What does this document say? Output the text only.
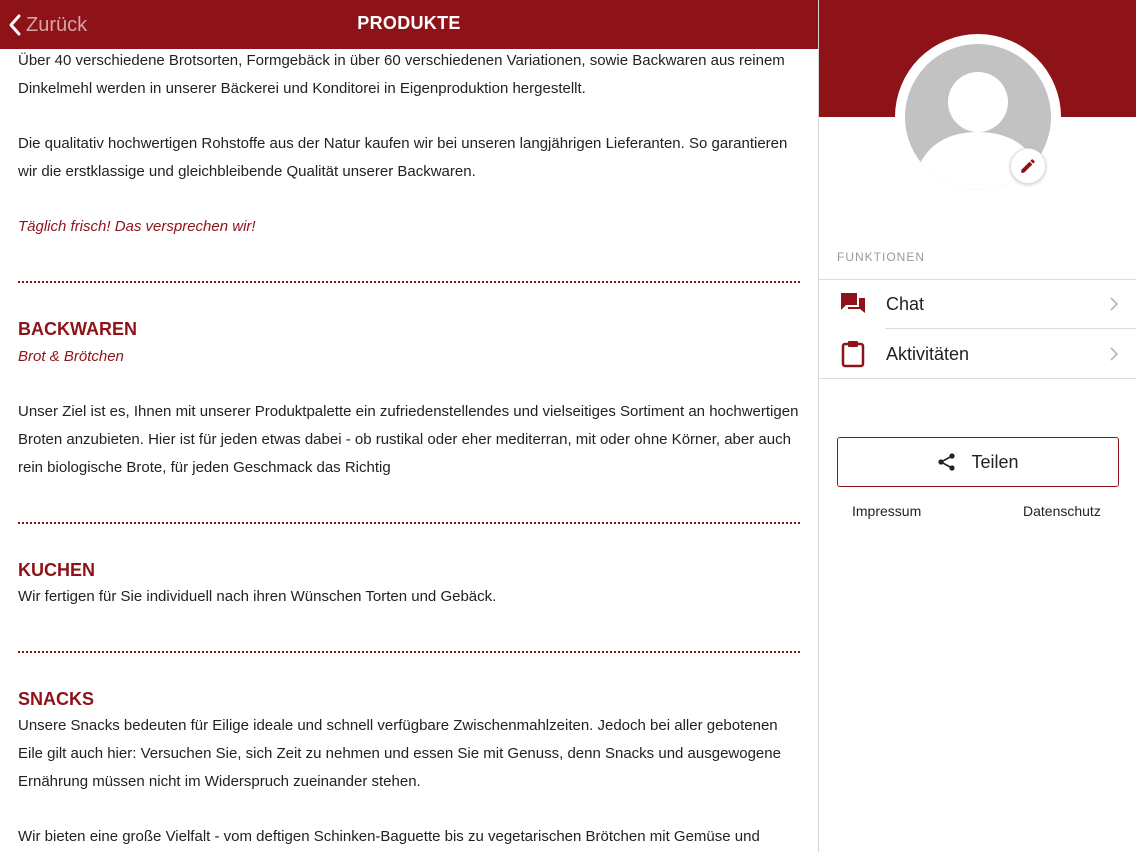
Zurück	PRODUKTE

Über 40 verschiedene Brotsorten, Formgebäck in über 60 verschiedenen Variationen, sowie Backwaren aus reinem Dinkelmehl werden in unserer Bäckerei und Konditorei in Eigenproduktion hergestellt.

Die qualitativ hochwertigen Rohstoffe aus der Natur kaufen wir bei unseren langjährigen Lieferanten. So garantieren wir die erstklassige und gleichbleibende Qualität unserer Backwaren.

Täglich frisch! Das versprechen wir!
BACKWAREN
Brot & Brötchen

Unser Ziel ist es, Ihnen mit unserer Produktpalette ein zufriedenstellendes und vielseitiges Sortiment an hochwertigen Broten anzubieten. Hier ist für jeden etwas dabei - ob rustikal oder eher mediterran, mit oder ohne Körner, aber auch rein biologische Brote, für jeden Geschmack das Richtig

KUCHEN

Wir fertigen für Sie individuell nach ihren Wünschen Torten und Gebäck.

SNACKS

Unsere Snacks bedeuten für Eilige ideale und schnell verfügbare Zwischenmahlzeiten. Jedoch bei aller gebotenen Eile gilt auch hier: Versuchen Sie, sich Zeit zu nehmen und essen Sie mit Genuss, denn Snacks und ausgewogene Ernährung müssen nicht im Widerspruch zueinander stehen.

Wir bieten eine große Vielfalt - vom deftigen Schinken-Baguette bis zu vegetarischen Brötchen mit Gemüse und

FUNKTIONEN
Chat
Aktivitäten
Teilen
Impressum	Datenschutz
